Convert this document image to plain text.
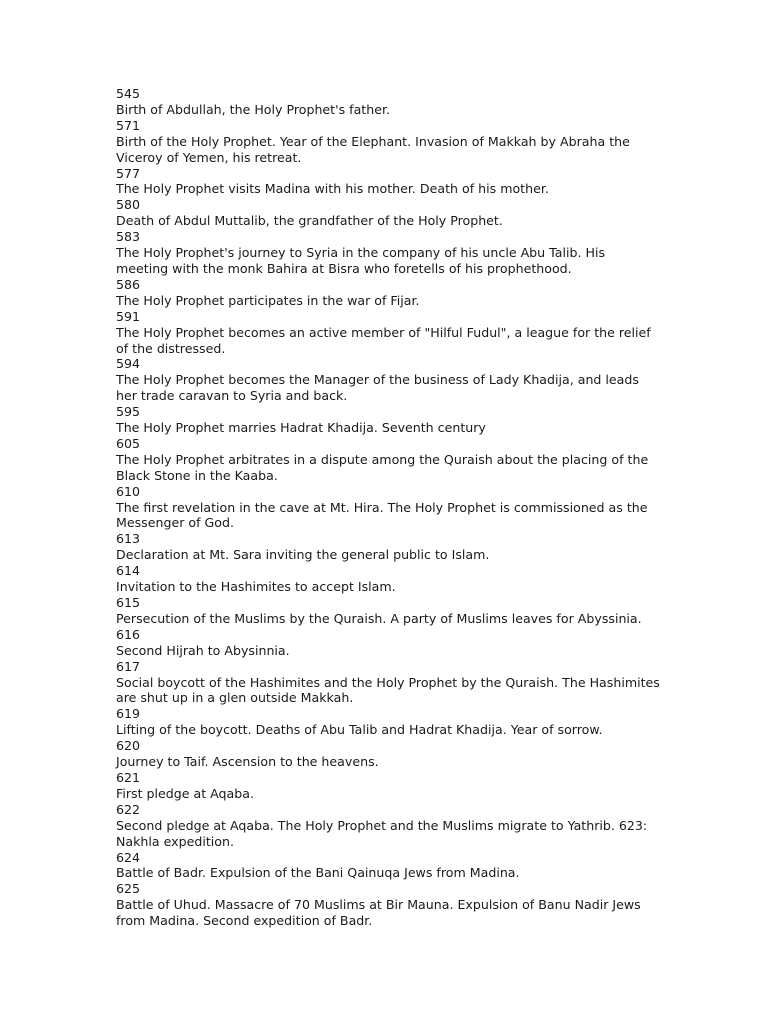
545
Birth of Abdullah, the Holy Prophet's father.
571
Birth of the Holy Prophet. Year of the Elephant. Invasion of Makkah by Abraha the Viceroy of Yemen, his retreat.
577
The Holy Prophet visits Madina with his mother. Death of his mother.
580
Death of Abdul Muttalib, the grandfather of the Holy Prophet.
583
The Holy Prophet's journey to Syria in the company of his uncle Abu Talib. His meeting with the monk Bahira at Bisra who foretells of his prophethood.
586
The Holy Prophet participates in the war of Fijar.
591
The Holy Prophet becomes an active member of "Hilful Fudul", a league for the relief of the distressed.
594
The Holy Prophet becomes the Manager of the business of Lady Khadija, and leads her trade caravan to Syria and back.
595
The Holy Prophet marries Hadrat Khadija. Seventh century
605
The Holy Prophet arbitrates in a dispute among the Quraish about the placing of the Black Stone in the Kaaba.
610
The first revelation in the cave at Mt. Hira. The Holy Prophet is commissioned as the Messenger of God.
613
Declaration at Mt. Sara inviting the general public to Islam.
614
Invitation to the Hashimites to accept Islam.
615
Persecution of the Muslims by the Quraish. A party of Muslims leaves for Abyssinia.
616
Second Hijrah to Abysinnia.
617
Social boycott of the Hashimites and the Holy Prophet by the Quraish. The Hashimites are shut up in a glen outside Makkah.
619
Lifting of the boycott. Deaths of Abu Talib and Hadrat Khadija. Year of sorrow.
620
Journey to Taif. Ascension to the heavens.
621
First pledge at Aqaba.
622
Second pledge at Aqaba. The Holy Prophet and the Muslims migrate to Yathrib. 623: Nakhla expedition.
624
Battle of Badr. Expulsion of the Bani Qainuqa Jews from Madina.
625
Battle of Uhud. Massacre of 70 Muslims at Bir Mauna. Expulsion of Banu Nadir Jews from Madina. Second expedition of Badr.
